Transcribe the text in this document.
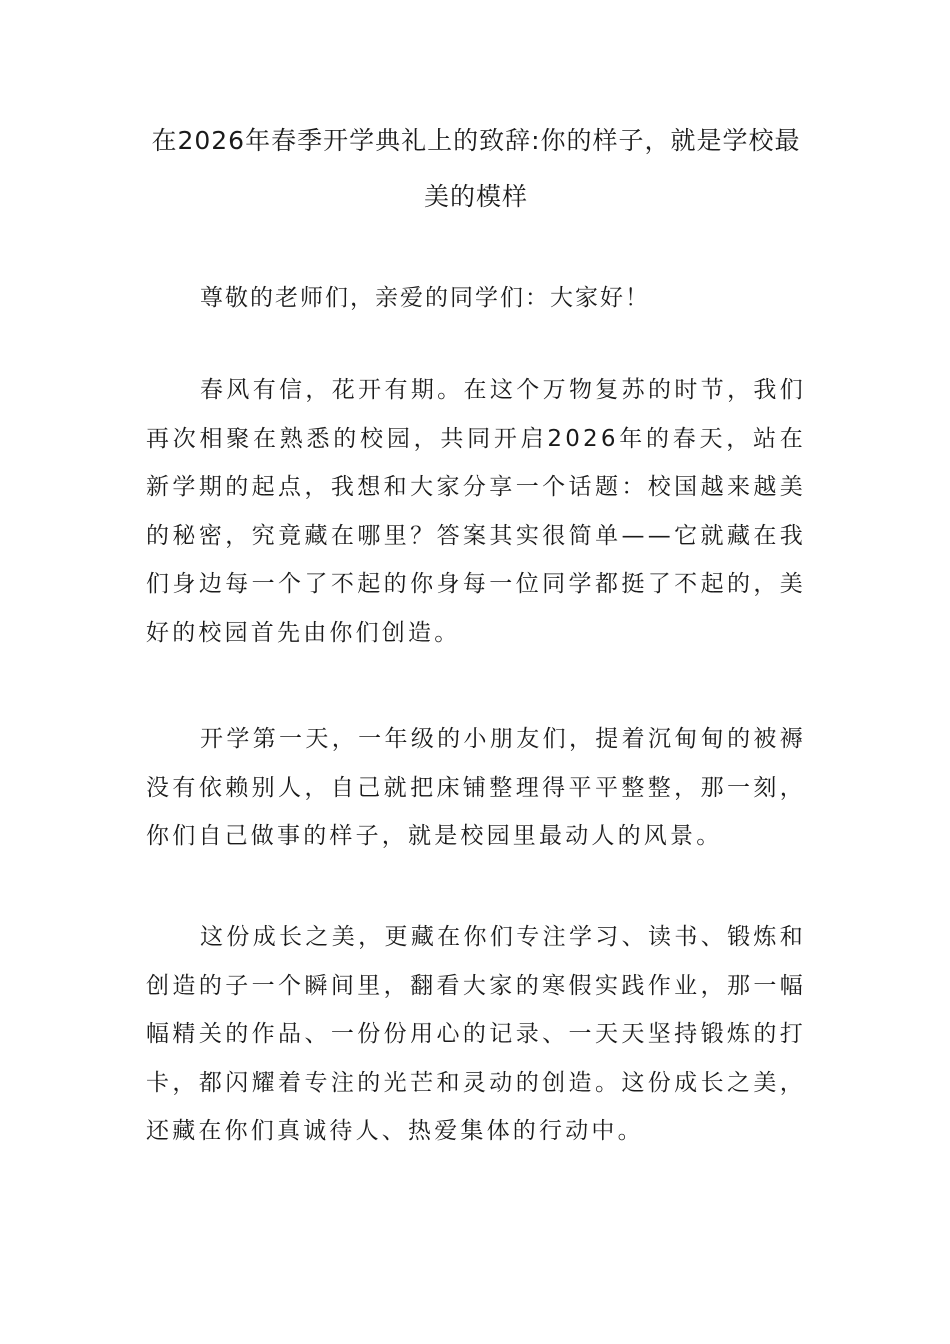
在2026年春季开学典礼上的致辞:你的样子，就是学校最美的模样

尊敬的老师们，亲爱的同学们：大家好！

春风有信，花开有期。在这个万物复苏的时节，我们再次相聚在熟悉的校园，共同开启2026年的春天，站在新学期的起点，我想和大家分享一个话题：校国越来越美的秘密，究竟藏在哪里？答案其实很简单——它就藏在我们身边每一个了不起的你身每一位同学都挺了不起的，美好的校园首先由你们创造。

开学第一天，一年级的小朋友们，提着沉甸甸的被褥没有依赖别人，自己就把床铺整理得平平整整，那一刻，你们自己做事的样子，就是校园里最动人的风景。

这份成长之美，更藏在你们专注学习、读书、锻炼和创造的子一个瞬间里，翻看大家的寒假实践作业，那一幅幅精关的作品、一份份用心的记录、一天天坚持锻炼的打卡，都闪耀着专注的光芒和灵动的创造。这份成长之美，还藏在你们真诚待人、热爱集体的行动中。
